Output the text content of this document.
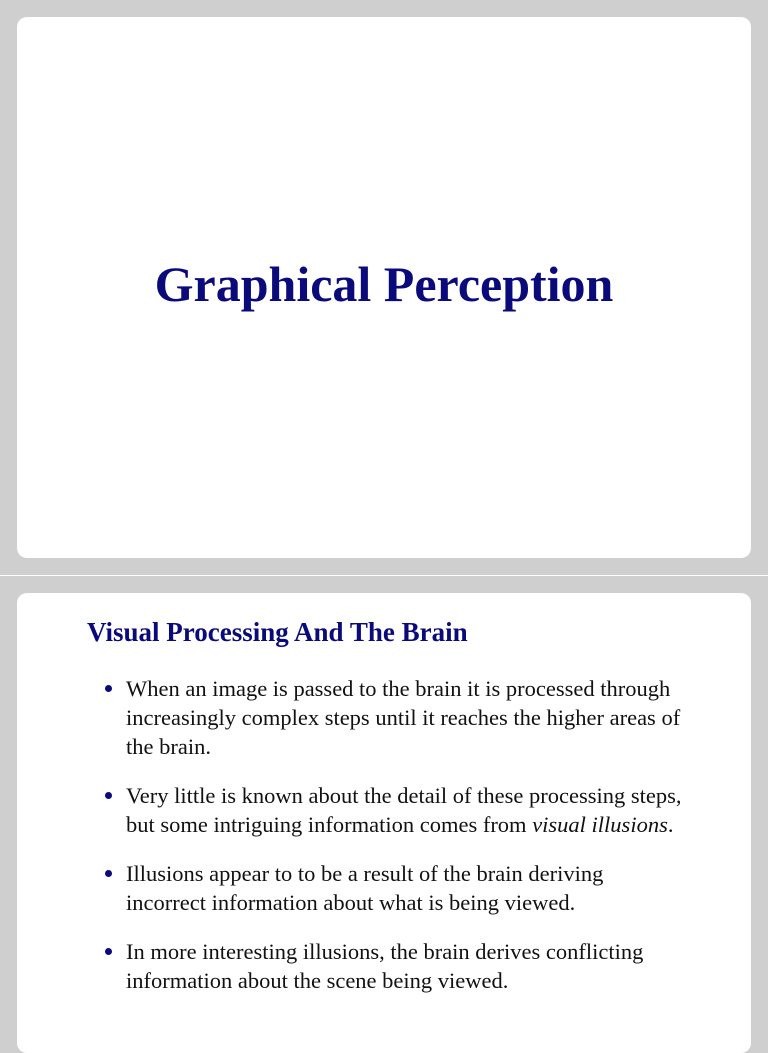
Graphical Perception
Visual Processing And The Brain
When an image is passed to the brain it is processed through increasingly complex steps until it reaches the higher areas of the brain.
Very little is known about the detail of these processing steps, but some intriguing information comes from visual illusions.
Illusions appear to to be a result of the brain deriving incorrect information about what is being viewed.
In more interesting illusions, the brain derives conflicting information about the scene being viewed.
